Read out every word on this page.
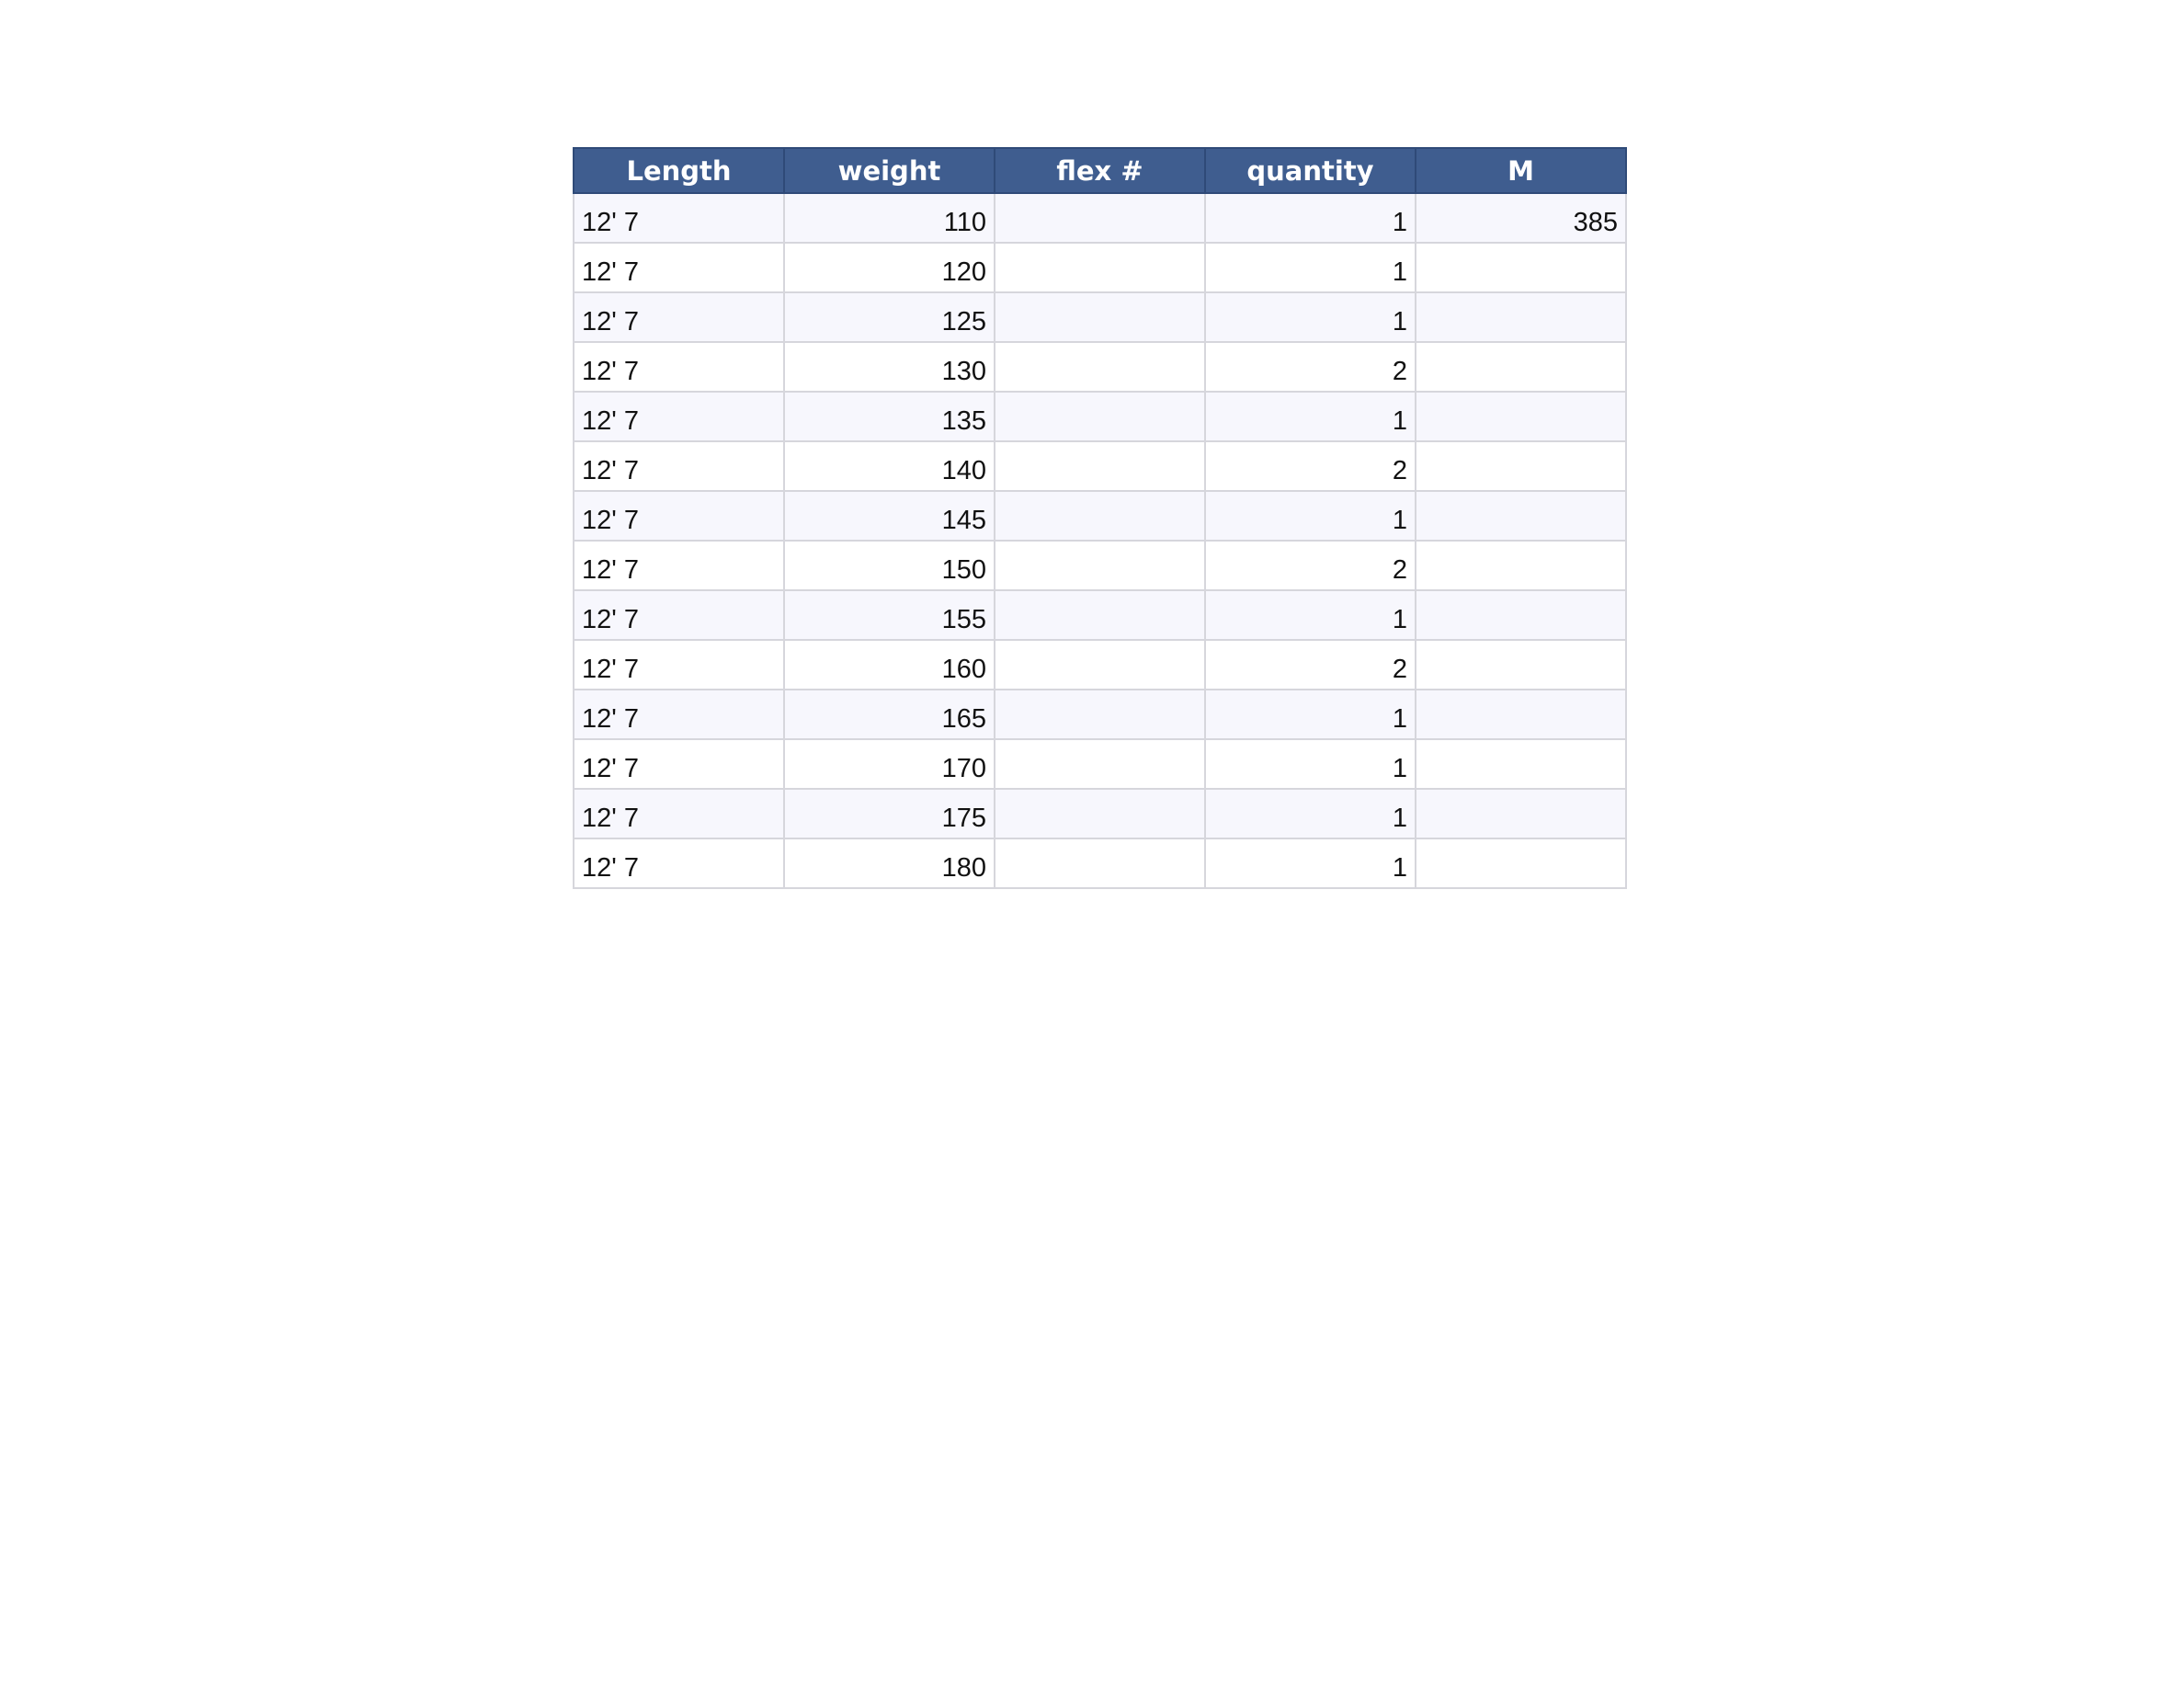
Length	weight	flex #	quantity	M
12' 7	110		1	385
12' 7	120		1	
12' 7	125		1	
12' 7	130		2	
12' 7	135		1	
12' 7	140		2	
12' 7	145		1	
12' 7	150		2	
12' 7	155		1	
12' 7	160		2	
12' 7	165		1	
12' 7	170		1	
12' 7	175		1	
12' 7	180		1	
